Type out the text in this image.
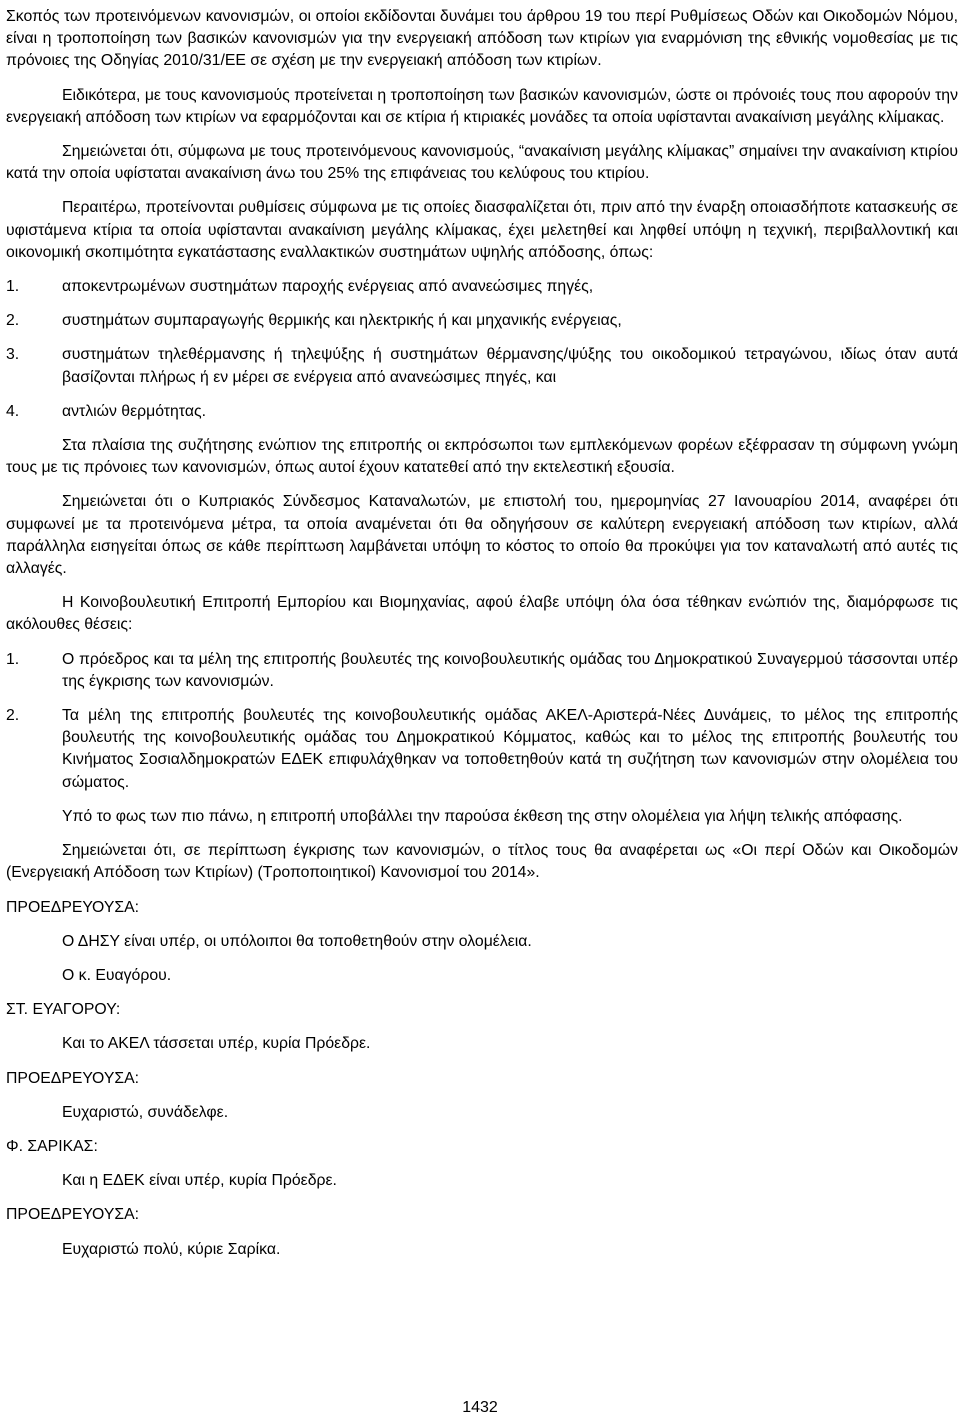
Σκοπός των προτεινόμενων κανονισμών, οι οποίοι εκδίδονται δυνάμει του άρθρου 19 του περί Ρυθμίσεως Οδών και Οικοδομών Νόμου, είναι η τροποποίηση των βασικών κανονισμών για την ενεργειακή απόδοση των κτιρίων για εναρμόνιση της εθνικής νομοθεσίας με τις πρόνοιες της Οδηγίας 2010/31/ΕΕ σε σχέση με την ενεργειακή απόδοση των κτιρίων.

Ειδικότερα, με τους κανονισμούς προτείνεται η τροποποίηση των βασικών κανονισμών, ώστε οι πρόνοιές τους που αφορούν την ενεργειακή απόδοση των κτιρίων να εφαρμόζονται και σε κτίρια ή κτιριακές μονάδες τα οποία υφίστανται ανακαίνιση μεγάλης κλίμακας.

Σημειώνεται ότι, σύμφωνα με τους προτεινόμενους κανονισμούς, “ανακαίνιση μεγάλης κλίμακας” σημαίνει την ανακαίνιση κτιρίου κατά την οποία υφίσταται ανακαίνιση άνω του 25% της επιφάνειας του κελύφους του κτιρίου.

Περαιτέρω, προτείνονται ρυθμίσεις σύμφωνα με τις οποίες διασφαλίζεται ότι, πριν από την έναρξη οποιασδήποτε κατασκευής σε υφιστάμενα κτίρια τα οποία υφίστανται ανακαίνιση μεγάλης κλίμακας, έχει μελετηθεί και ληφθεί υπόψη η τεχνική, περιβαλλοντική και οικονομική σκοπιμότητα εγκατάστασης εναλλακτικών συστημάτων υψηλής απόδοσης, όπως:

1.	αποκεντρωμένων συστημάτων παροχής ενέργειας από ανανεώσιμες πηγές,
2.	συστημάτων συμπαραγωγής θερμικής και ηλεκτρικής ή και μηχανικής ενέργειας,
3.	συστημάτων τηλεθέρμανσης ή τηλεψύξης ή συστημάτων θέρμανσης/ψύξης του οικοδομικού τετραγώνου, ιδίως όταν αυτά βασίζονται πλήρως ή εν μέρει σε ενέργεια από ανανεώσιμες πηγές, και
4.	αντλιών θερμότητας.

Στα πλαίσια της συζήτησης ενώπιον της επιτροπής οι εκπρόσωποι των εμπλεκόμενων φορέων εξέφρασαν τη σύμφωνη γνώμη τους με τις πρόνοιες των κανονισμών, όπως αυτοί έχουν κατατεθεί από την εκτελεστική εξουσία.

Σημειώνεται ότι ο Κυπριακός Σύνδεσμος Καταναλωτών, με επιστολή του, ημερομηνίας 27 Ιανουαρίου 2014, αναφέρει ότι συμφωνεί με τα προτεινόμενα μέτρα, τα οποία αναμένεται ότι θα οδηγήσουν σε καλύτερη ενεργειακή απόδοση των κτιρίων, αλλά παράλληλα εισηγείται όπως σε κάθε περίπτωση λαμβάνεται υπόψη το κόστος το οποίο θα προκύψει για τον καταναλωτή από αυτές τις αλλαγές.

Η Κοινοβουλευτική Επιτροπή Εμπορίου και Βιομηχανίας, αφού έλαβε υπόψη όλα όσα τέθηκαν ενώπιόν της, διαμόρφωσε τις ακόλουθες θέσεις:

1.	Ο πρόεδρος και τα μέλη της επιτροπής βουλευτές της κοινοβουλευτικής ομάδας του Δημοκρατικού Συναγερμού τάσσονται υπέρ της έγκρισης των κανονισμών.
2.	Τα μέλη της επιτροπής βουλευτές της κοινοβουλευτικής ομάδας ΑΚΕΛ-Αριστερά-Νέες Δυνάμεις, το μέλος της επιτροπής βουλευτής της κοινοβουλευτικής ομάδας του Δημοκρατικού Κόμματος, καθώς και το μέλος της επιτροπής βουλευτής του Κινήματος Σοσιαλδημοκρατών ΕΔΕΚ επιφυλάχθηκαν να τοποθετηθούν κατά τη συζήτηση των κανονισμών στην ολομέλεια του σώματος.

Υπό το φως των πιο πάνω, η επιτροπή υποβάλλει την παρούσα έκθεση της στην ολομέλεια για λήψη τελικής απόφασης.

Σημειώνεται ότι, σε περίπτωση έγκρισης των κανονισμών, ο τίτλος τους θα αναφέρεται ως «Οι περί Οδών και Οικοδομών (Ενεργειακή Απόδοση των Κτιρίων) (Τροποποιητικοί) Κανονισμοί του 2014».

ΠΡΟΕΔΡΕΥΟΥΣΑ:
Ο ΔΗΣΥ είναι υπέρ, οι υπόλοιποι θα τοποθετηθούν στην ολομέλεια.
Ο κ. Ευαγόρου.
ΣΤ. ΕΥΑΓΟΡΟΥ:
Και το ΑΚΕΛ τάσσεται υπέρ, κυρία Πρόεδρε.
ΠΡΟΕΔΡΕΥΟΥΣΑ:
Ευχαριστώ, συνάδελφε.
Φ. ΣΑΡΙΚΑΣ:
Και η ΕΔΕΚ είναι υπέρ, κυρία Πρόεδρε.
ΠΡΟΕΔΡΕΥΟΥΣΑ:
Ευχαριστώ πολύ, κύριε Σαρίκα.
1432
